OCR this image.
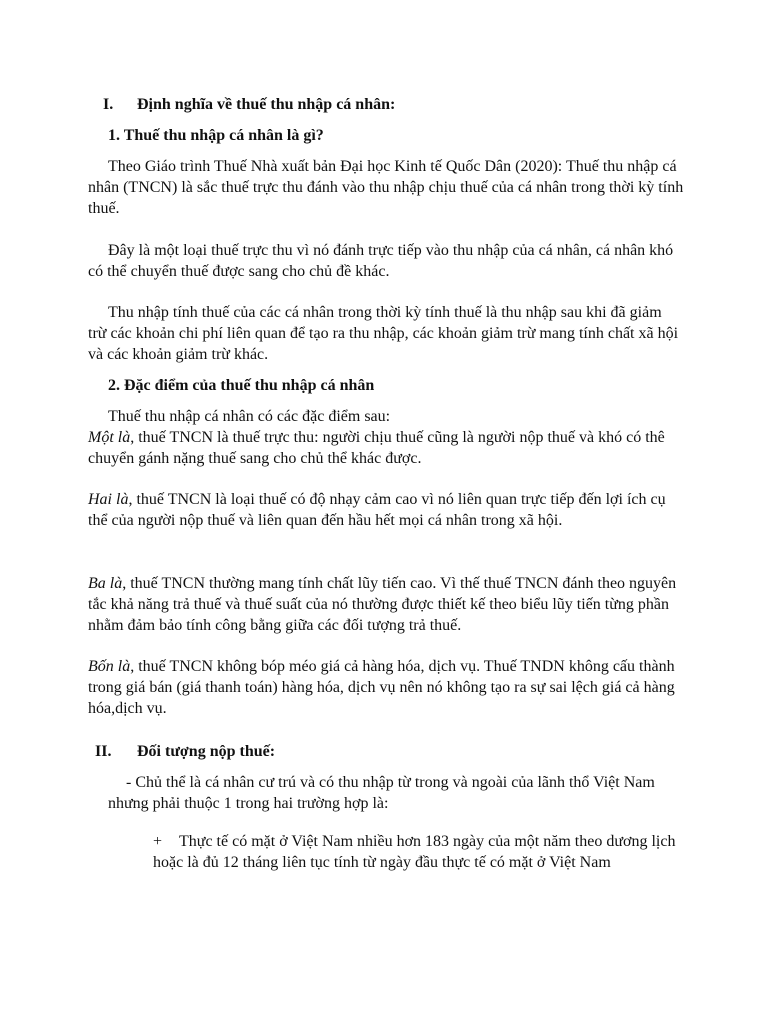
I. Định nghĩa về thuế thu nhập cá nhân:
1. Thuế thu nhập cá nhân là gì?

Theo Giáo trình Thuế Nhà xuất bản Đại học Kinh tế Quốc Dân (2020): Thuế thu nhập cá nhân (TNCN) là sắc thuế trực thu đánh vào thu nhập chịu thuế của cá nhân trong thời kỳ tính thuế.

Đây là một loại thuế trực thu vì nó đánh trực tiếp vào thu nhập của cá nhân, cá nhân khó có thể chuyển thuế được sang cho chủ đề khác.

Thu nhập tính thuế của các cá nhân trong thời kỳ tính thuế là thu nhập sau khi đã giảm trừ các khoản chi phí liên quan để tạo ra thu nhập, các khoản giảm trừ mang tính chất xã hội và các khoản giảm trừ khác.

2. Đặc điểm của thuế thu nhập cá nhân
Thuế thu nhập cá nhân có các đặc điểm sau:

Một là, thuế TNCN là thuế trực thu: người chịu thuế cũng là người nộp thuế và khó có thê chuyển gánh nặng thuế sang cho chủ thể khác được.

Hai là, thuế TNCN là loại thuế có độ nhạy cảm cao vì nó liên quan trực tiếp đến lợi ích cụ thể của người nộp thuế và liên quan đến hầu hết mọi cá nhân trong xã hội.

Ba là, thuế TNCN thường mang tính chất lũy tiến cao. Vì thế thuế TNCN đánh theo nguyên tắc khả năng trả thuế và thuế suất của nó thường được thiết kế theo biểu lũy tiến từng phần nhằm đảm bảo tính công bằng giữa các đối tượng trả thuế.

Bốn là, thuế TNCN không bóp méo giá cả hàng hóa, dịch vụ. Thuế TNDN không cấu thành trong giá bán (giá thanh toán) hàng hóa, dịch vụ nên nó không tạo ra sự sai lệch giá cả hàng hóa,dịch vụ.

II. Đối tượng nộp thuế:

- Chủ thể là cá nhân cư trú và có thu nhập từ trong và ngoài của lãnh thổ Việt Nam nhưng phải thuộc 1 trong hai trường hợp là:

+ Thực tế có mặt ở Việt Nam nhiều hơn 183 ngày của một năm theo dương lịch hoặc là đủ 12 tháng liên tục tính từ ngày đầu thực tế có mặt ở Việt Nam
